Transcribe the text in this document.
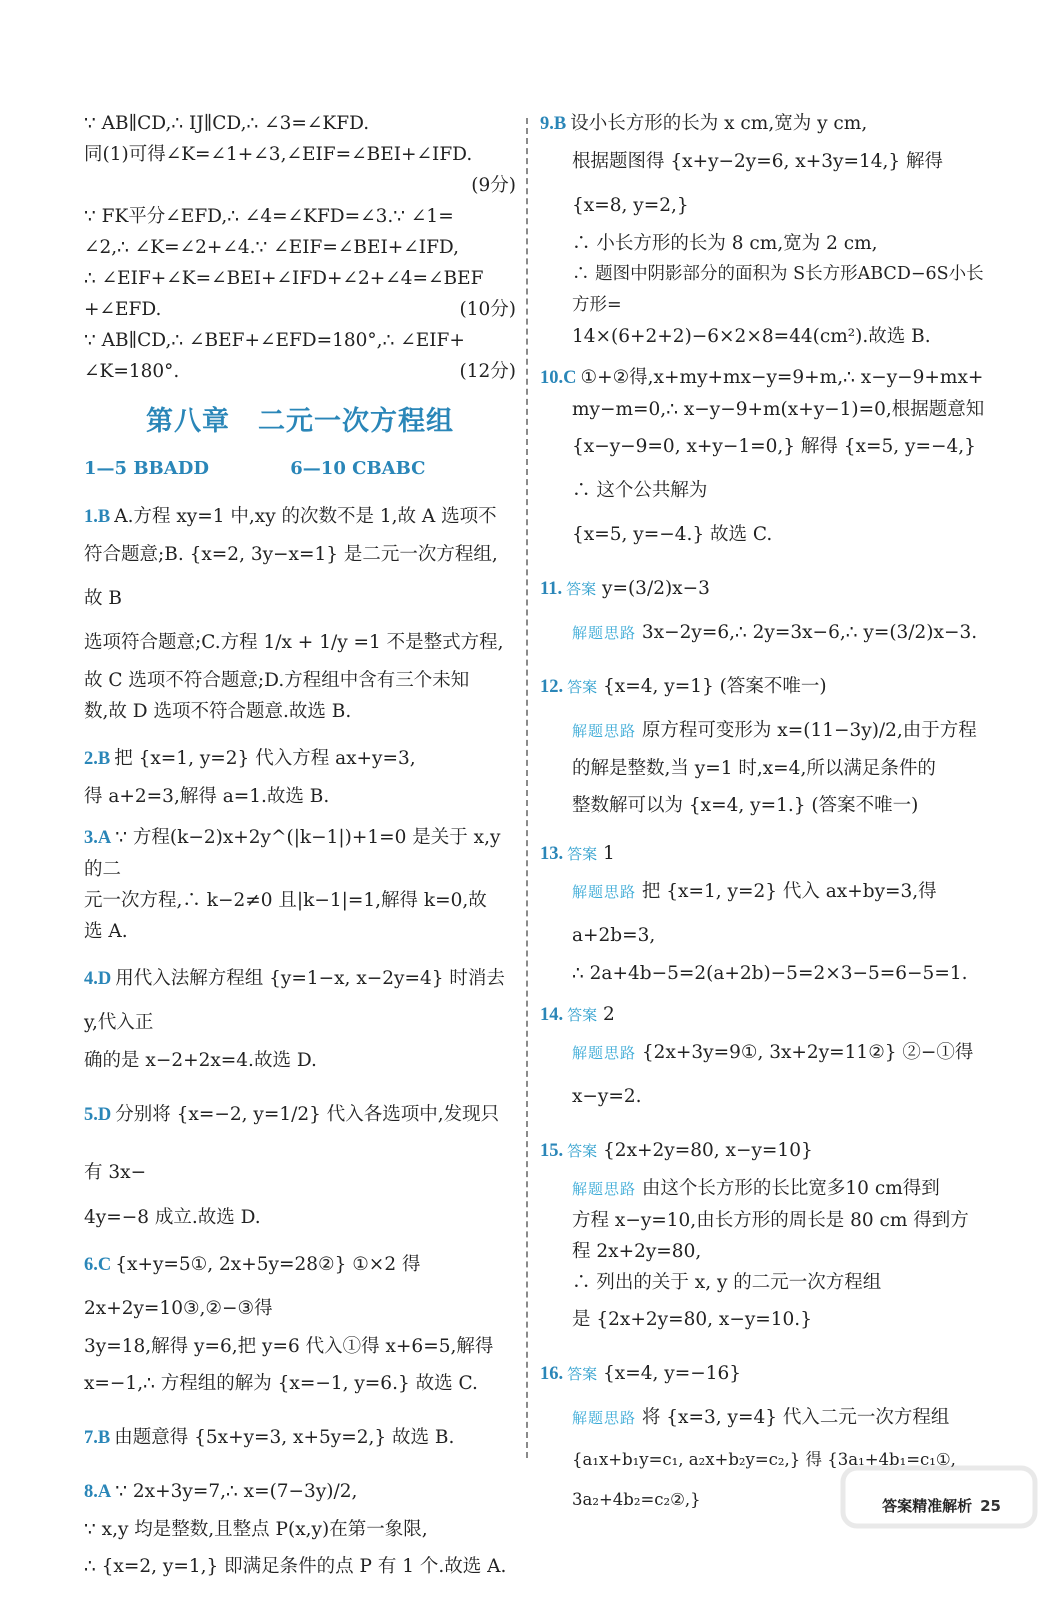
∵ AB∥CD,∴ IJ∥CD,∴ ∠3=∠KFD.

同(1)可得∠K=∠1+∠3,∠EIF=∠BEI+∠IFD.

(9分)

∵ FK平分∠EFD,∴ ∠4=∠KFD=∠3.∵ ∠1=

∠2,∴ ∠K=∠2+∠4.∵ ∠EIF=∠BEI+∠IFD,

∴ ∠EIF+∠K=∠BEI+∠IFD+∠2+∠4=∠BEF

+∠EFD.	(10分)

∵ AB∥CD,∴ ∠BEF+∠EFD=180°,∴ ∠EIF+

∠K=180°.	(12分)

第八章　二元一次方程组
1—5 BBADD	6—10 CBABC

1.B A.方程 xy=1 中,xy 的次数不是 1,故 A 选项不

符合题意;B. {x=2, 3y−x=1} 是二元一次方程组,故 B

选项符合题意;C.方程 1/x + 1/y =1 不是整式方程,

故 C 选项不符合题意;D.方程组中含有三个未知

数,故 D 选项不符合题意.故选 B.

2.B 把 {x=1, y=2} 代入方程 ax+y=3,

得 a+2=3,解得 a=1.故选 B.

3.A ∵ 方程(k−2)x+2y^(|k−1|)+1=0 是关于 x,y 的二

元一次方程,∴ k−2≠0 且|k−1|=1,解得 k=0,故

选 A.

4.D 用代入法解方程组 {y=1−x, x−2y=4} 时消去 y,代入正

确的是 x−2+2x=4.故选 D.

5.D 分别将 {x=−2, y=1/2} 代入各选项中,发现只有 3x−

4y=−8 成立.故选 D.

6.C {x+y=5①, 2x+5y=28②} ①×2 得 2x+2y=10③,②−③得

3y=18,解得 y=6,把 y=6 代入①得 x+6=5,解得

x=−1,∴ 方程组的解为 {x=−1, y=6.} 故选 C.

7.B 由题意得 {5x+y=3, x+5y=2,} 故选 B.

8.A ∵ 2x+3y=7,∴ x=(7−3y)/2,

∵ x,y 均是整数,且整点 P(x,y)在第一象限,

∴ {x=2, y=1,} 即满足条件的点 P 有 1 个.故选 A.

9.B 设小长方形的长为 x cm,宽为 y cm,

根据题图得 {x+y−2y=6, x+3y=14,} 解得 {x=8, y=2,}

∴ 小长方形的长为 8 cm,宽为 2 cm,

∴ 题图中阴影部分的面积为 S长方形ABCD−6S小长方形=

14×(6+2+2)−6×2×8=44(cm²).故选 B.

10.C ①+②得,x+my+mx−y=9+m,∴ x−y−9+mx+

my−m=0,∴ x−y−9+m(x+y−1)=0,根据题意知

{x−y−9=0, x+y−1=0,} 解得 {x=5, y=−4,} ∴ 这个公共解为

{x=5, y=−4.} 故选 C.

11. 答案 y=(3/2)x−3

解题思路 3x−2y=6,∴ 2y=3x−6,∴ y=(3/2)x−3.

12. 答案 {x=4, y=1} (答案不唯一)

解题思路 原方程可变形为 x=(11−3y)/2,由于方程

的解是整数,当 y=1 时,x=4,所以满足条件的

整数解可以为 {x=4, y=1.} (答案不唯一)

13. 答案 1

解题思路 把 {x=1, y=2} 代入 ax+by=3,得 a+2b=3,

∴ 2a+4b−5=2(a+2b)−5=2×3−5=6−5=1.

14. 答案 2

解题思路 {2x+3y=9①, 3x+2y=11②} ②−①得 x−y=2.

15. 答案 {2x+2y=80, x−y=10}

解题思路 由这个长方形的长比宽多10 cm得到

方程 x−y=10,由长方形的周长是 80 cm 得到方

程 2x+2y=80,

∴ 列出的关于 x, y 的二元一次方程组

是 {2x+2y=80, x−y=10.}

16. 答案 {x=4, y=−16}

解题思路 将 {x=3, y=4} 代入二元一次方程组

{a₁x+b₁y=c₁, a₂x+b₂y=c₂,} 得 {3a₁+4b₁=c₁①, 3a₂+4b₂=c₂②,}	答案精准解析 25
